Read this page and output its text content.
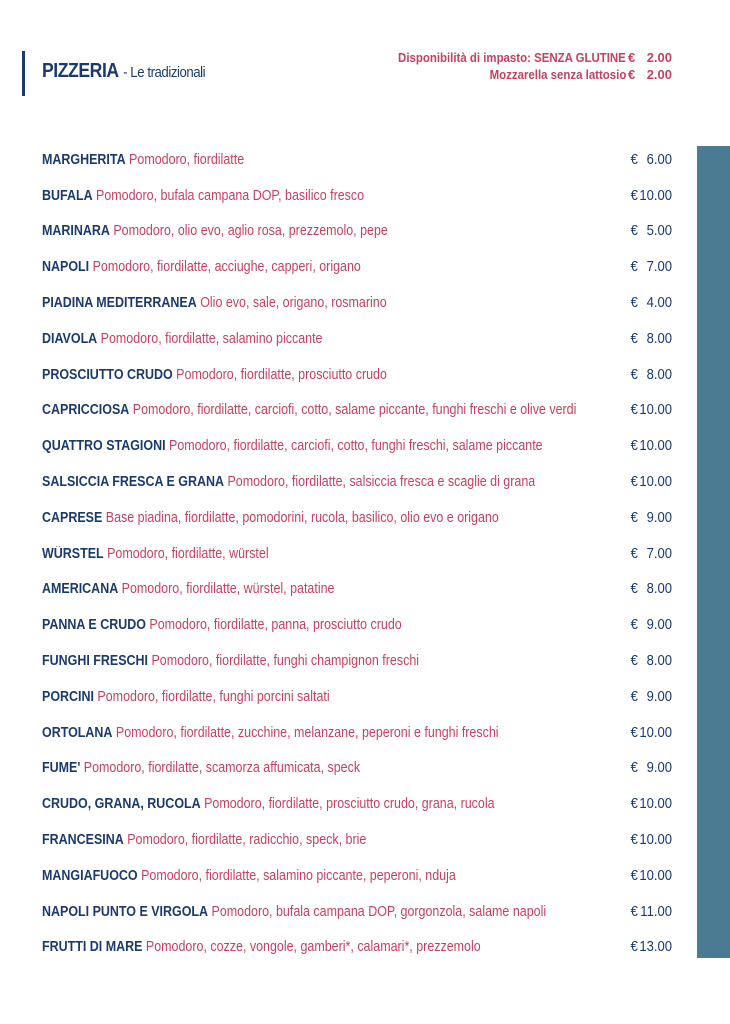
PIZZERIA - Le tradizionali
Disponibilità di impasto: SENZA GLUTINE € 2.00
Mozzarella senza lattosio € 2.00
MARGHERITA Pomodoro, fiordilatte	€ 6.00
BUFALA Pomodoro, bufala campana DOP, basilico fresco	€ 10.00
MARINARA Pomodoro, olio evo, aglio rosa, prezzemolo, pepe	€ 5.00
NAPOLI Pomodoro, fiordilatte, acciughe, capperi, origano	€ 7.00
PIADINA MEDITERRANEA Olio evo, sale, origano, rosmarino	€ 4.00
DIAVOLA Pomodoro, fiordilatte, salamino piccante	€ 8.00
PROSCIUTTO CRUDO Pomodoro, fiordilatte, prosciutto crudo	€ 8.00
CAPRICCIOSA Pomodoro, fiordilatte, carciofi, cotto, salame piccante, funghi freschi e olive verdi	€ 10.00
QUATTRO STAGIONI Pomodoro, fiordilatte, carciofi, cotto, funghi freschi, salame piccante	€ 10.00
SALSICCIA FRESCA E GRANA Pomodoro, fiordilatte, salsiccia fresca e scaglie di grana	€ 10.00
CAPRESE Base piadina, fiordilatte, pomodorini, rucola, basilico, olio evo e origano	€ 9.00
WÜRSTEL Pomodoro, fiordilatte, würstel	€ 7.00
AMERICANA Pomodoro, fiordilatte, würstel, patatine	€ 8.00
PANNA E CRUDO Pomodoro, fiordilatte, panna, prosciutto crudo	€ 9.00
FUNGHI FRESCHI Pomodoro, fiordilatte, funghi champignon freschi	€ 8.00
PORCINI Pomodoro, fiordilatte, funghi porcini saltati	€ 9.00
ORTOLANA Pomodoro, fiordilatte, zucchine, melanzane, peperoni e funghi freschi	€ 10.00
FUME' Pomodoro, fiordilatte, scamorza affumicata, speck	€ 9.00
CRUDO, GRANA, RUCOLA Pomodoro, fiordilatte, prosciutto crudo, grana, rucola	€ 10.00
FRANCESINA Pomodoro, fiordilatte, radicchio, speck, brie	€ 10.00
MANGIAFUOCO Pomodoro, fiordilatte, salamino piccante, peperoni, nduja	€ 10.00
NAPOLI PUNTO E VIRGOLA Pomodoro, bufala campana DOP, gorgonzola, salame napoli	€ 11.00
FRUTTI DI MARE Pomodoro, cozze, vongole, gamberi*, calamari*, prezzemolo	€ 13.00
